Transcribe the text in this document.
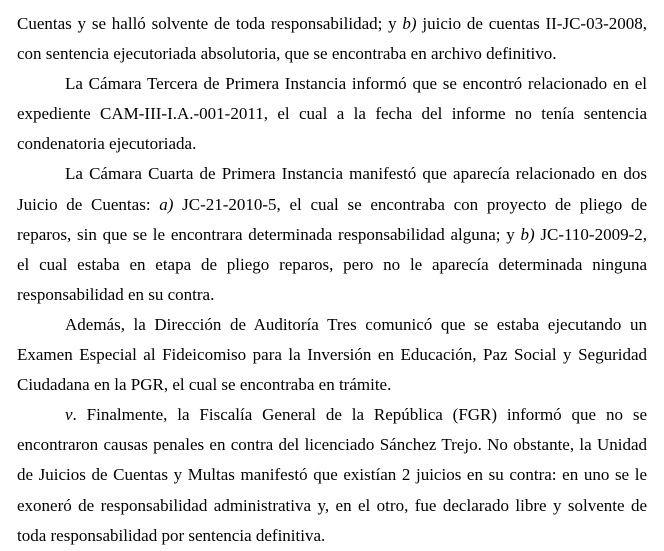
Cuentas y se halló solvente de toda responsabilidad; y b) juicio de cuentas II-JC-03-2008, con sentencia ejecutoriada absolutoria, que se encontraba en archivo definitivo.

La Cámara Tercera de Primera Instancia informó que se encontró relacionado en el expediente CAM-III-I.A.-001-2011, el cual a la fecha del informe no tenía sentencia condenatoria ejecutoriada.

La Cámara Cuarta de Primera Instancia manifestó que aparecía relacionado en dos Juicio de Cuentas: a) JC-21-2010-5, el cual se encontraba con proyecto de pliego de reparos, sin que se le encontrara determinada responsabilidad alguna; y b) JC-110-2009-2, el cual estaba en etapa de pliego reparos, pero no le aparecía determinada ninguna responsabilidad en su contra.

Además, la Dirección de Auditoría Tres comunicó que se estaba ejecutando un Examen Especial al Fideicomiso para la Inversión en Educación, Paz Social y Seguridad Ciudadana en la PGR, el cual se encontraba en trámite.

v. Finalmente, la Fiscalía General de la República (FGR) informó que no se encontraron causas penales en contra del licenciado Sánchez Trejo. No obstante, la Unidad de Juicios de Cuentas y Multas manifestó que existían 2 juicios en su contra: en uno se le exoneró de responsabilidad administrativa y, en el otro, fue declarado libre y solvente de toda responsabilidad por sentencia definitiva.
